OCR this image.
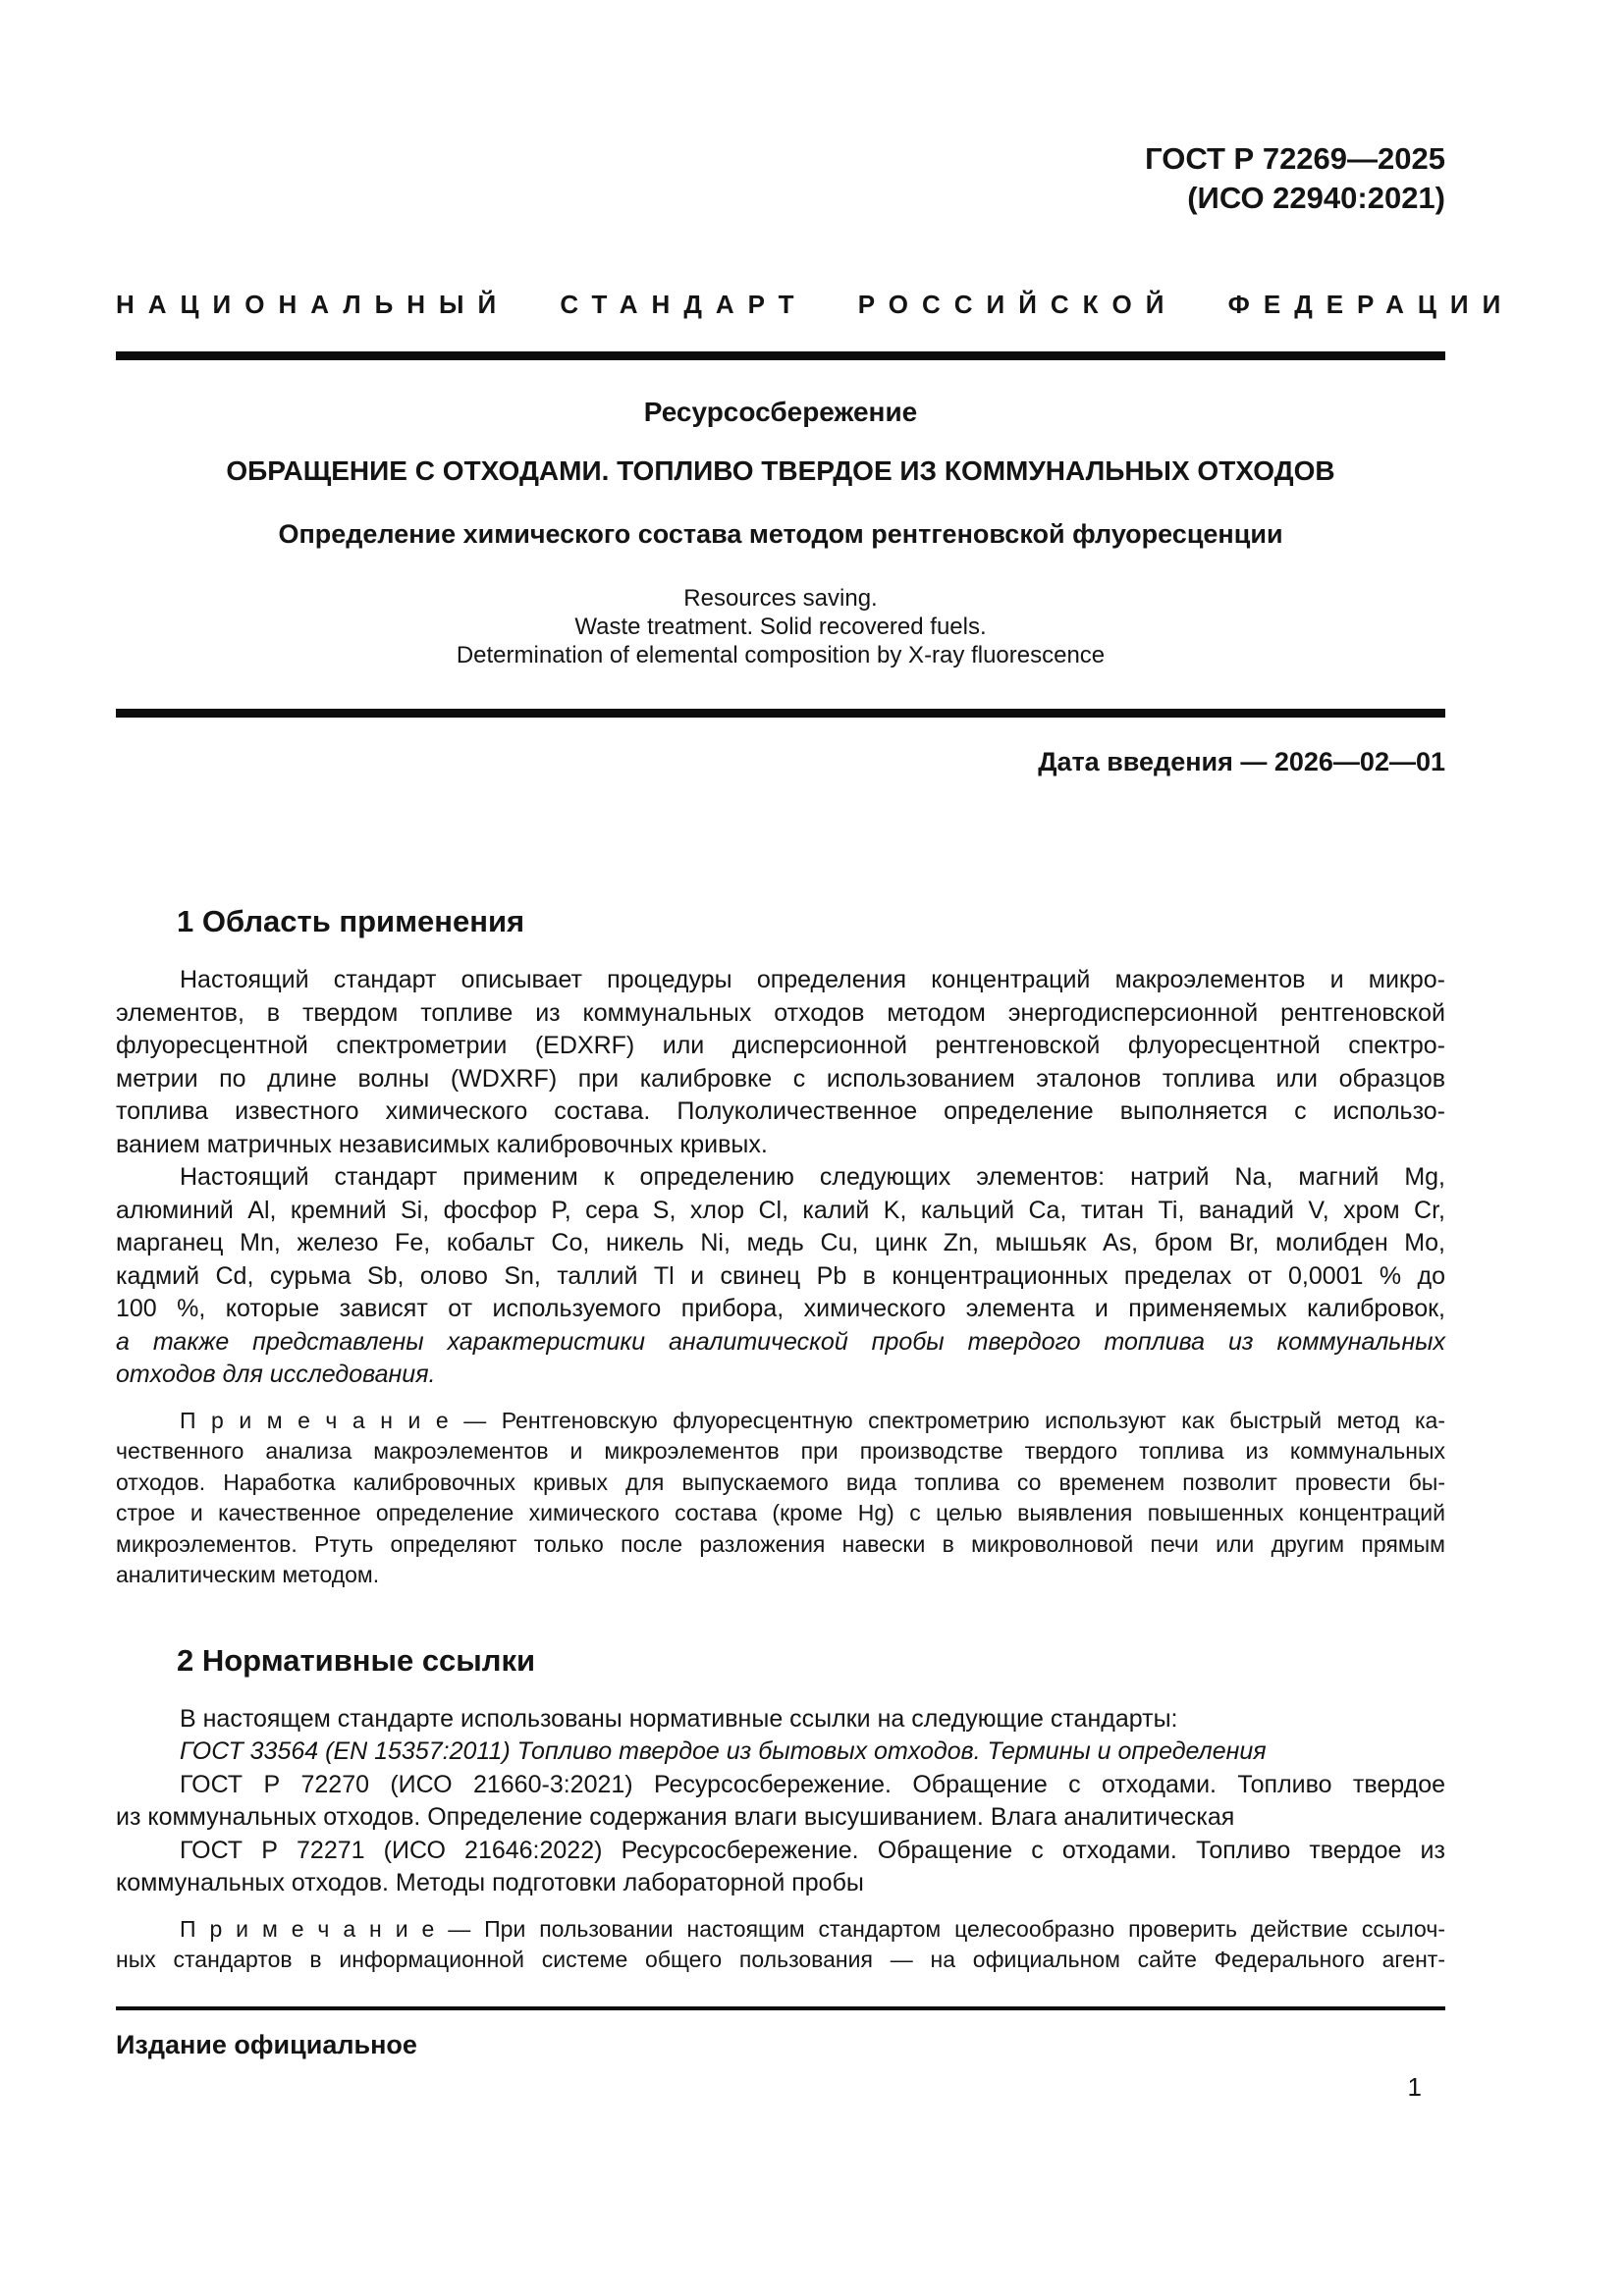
ГОСТ Р 72269—2025
(ИСО 22940:2021)
НАЦИОНАЛЬНЫЙ СТАНДАРТ РОССИЙСКОЙ ФЕДЕРАЦИИ
Ресурсосбережение
ОБРАЩЕНИЕ С ОТХОДАМИ. ТОПЛИВО ТВЕРДОЕ ИЗ КОММУНАЛЬНЫХ ОТХОДОВ
Определение химического состава методом рентгеновской флуоресценции
Resources saving.
Waste treatment. Solid recovered fuels.
Determination of elemental composition by X-ray fluorescence
Дата введения — 2026—02—01
1 Область применения
Настоящий стандарт описывает процедуры определения концентраций макроэлементов и микро-
элементов, в твердом топливе из коммунальных отходов методом энергодисперсионной рентгеновской
флуоресцентной спектрометрии (EDXRF) или дисперсионной рентгеновской флуоресцентной спектро-
метрии по длине волны (WDXRF) при калибровке с использованием эталонов топлива или образцов
топлива известного химического состава. Полуколичественное определение выполняется с использо-
ванием матричных независимых калибровочных кривых.
Настоящий стандарт применим к определению следующих элементов: натрий Na, магний Mg,
алюминий Al, кремний Si, фосфор P, сера S, хлор Cl, калий K, кальций Ca, титан Ti, ванадий V, хром Cr,
марганец Mn, железо Fe, кобальт Co, никель Ni, медь Cu, цинк Zn, мышьяк As, бром Br, молибден Mo,
кадмий Cd, сурьма Sb, олово Sn, таллий Tl и свинец Pb в концентрационных пределах от 0,0001 % до
100 %, которые зависят от используемого прибора, химического элемента и применяемых калибровок,
а также представлены характеристики аналитической пробы твердого топлива из коммунальных
отходов для исследования.
П р и м е ч а н и е — Рентгеновскую флуоресцентную спектрометрию используют как быстрый метод ка-
чественного анализа макроэлементов и микроэлементов при производстве твердого топлива из коммунальных
отходов. Наработка калибровочных кривых для выпускаемого вида топлива со временем позволит провести бы-
строе и качественное определение химического состава (кроме Hg) с целью выявления повышенных концентраций
микроэлементов. Ртуть определяют только после разложения навески в микроволновой печи или другим прямым
аналитическим методом.
2 Нормативные ссылки
В настоящем стандарте использованы нормативные ссылки на следующие стандарты:
ГОСТ 33564 (EN 15357:2011) Топливо твердое из бытовых отходов. Термины и определения
ГОСТ Р 72270 (ИСО 21660-3:2021) Ресурсосбережение. Обращение с отходами. Топливо твердое
из коммунальных отходов. Определение содержания влаги высушиванием. Влага аналитическая
ГОСТ Р 72271 (ИСО 21646:2022) Ресурсосбережение. Обращение с отходами. Топливо твердое из
коммунальных отходов. Методы подготовки лабораторной пробы
П р и м е ч а н и е — При пользовании настоящим стандартом целесообразно проверить действие ссылоч-
ных стандартов в информационной системе общего пользования — на официальном сайте Федерального агент-
Издание официальное
1
